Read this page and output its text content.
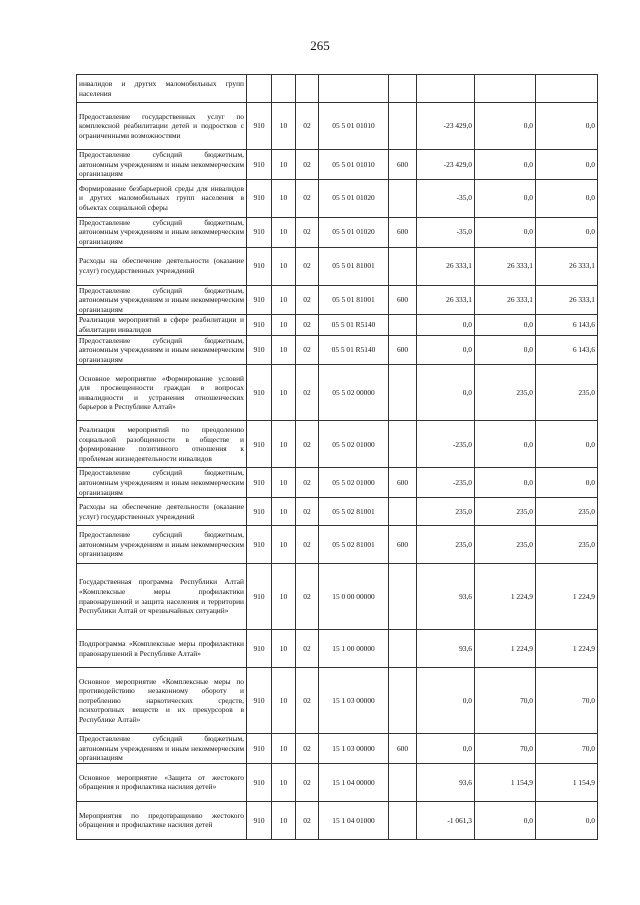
265
инвалидов и других маломобильных групп населения								
Предоставление государственных услуг по комплексной реабилитации детей и подростков с ограниченными возможностями	910	10	02	05 5 01 01010		-23 429,0	0,0	0,0
Предоставление субсидий бюджетным, автономным учреждениям и иным некоммерческим организациям	910	10	02	05 5 01 01010	600	-23 429,0	0,0	0,0
Формирование безбарьерной среды для инвалидов и других маломобильных групп населения в объектах социальной сферы	910	10	02	05 5 01 01020		-35,0	0,0	0,0
Предоставление субсидий бюджетным, автономным учреждениям и иным некоммерческим организациям	910	10	02	05 5 01 01020	600	-35,0	0,0	0,0
Расходы на обеспечение деятельности (оказание услуг) государственных учреждений	910	10	02	05 5 01 81001		26 333,1	26 333,1	26 333,1
Предоставление субсидий бюджетным, автономным учреждениям и иным некоммерческим организациям	910	10	02	05 5 01 81001	600	26 333,1	26 333,1	26 333,1
Реализация мероприятий в сфере реабилитации и абилитации инвалидов	910	10	02	05 5 01 R5140		0,0	0,0	6 143,6
Предоставление субсидий бюджетным, автономным учреждениям и иным некоммерческим организациям	910	10	02	05 5 01 R5140	600	0,0	0,0	6 143,6
Основное мероприятие «Формирование условий для просвещенности граждан в вопросах инвалидности и устранения отношенческих барьеров в Республике Алтай»	910	10	02	05 5 02 00000		0,0	235,0	235,0
Реализация мероприятий по преодолению социальной разобщенности в обществе и формирование позитивного отношения к проблемам жизнедеятельности инвалидов	910	10	02	05 5 02 01000		-235,0	0,0	0,0
Предоставление субсидий бюджетным, автономным учреждениям и иным некоммерческим организациям	910	10	02	05 5 02 01000	600	-235,0	0,0	0,0
Расходы на обеспечение деятельности (оказание услуг) государственных учреждений	910	10	02	05 5 02 81001		235,0	235,0	235,0
Предоставление субсидий бюджетным, автономным учреждениям и иным некоммерческим организациям	910	10	02	05 5 02 81001	600	235,0	235,0	235,0
Государственная программа Республики Алтай «Комплексные меры профилактики правонарушений и защита населения и территории Республики Алтай от чрезвычайных ситуаций»	910	10	02	15 0 00 00000		93,6	1 224,9	1 224,9
Подпрограмма «Комплексные меры профилактики правонарушений в Республике Алтай»	910	10	02	15 1 00 00000		93,6	1 224,9	1 224,9
Основное мероприятие «Комплексные меры по противодействию незаконному обороту и потреблению наркотических средств, психотропных веществ и их прекурсоров в Республике Алтай»	910	10	02	15 1 03 00000		0,0	70,0	70,0
Предоставление субсидий бюджетным, автономным учреждениям и иным некоммерческим организациям	910	10	02	15 1 03 00000	600	0,0	70,0	70,0
Основное мероприятие «Защита от жестокого обращения и профилактика насилия детей»	910	10	02	15 1 04 00000		93,6	1 154,9	1 154,9
Мероприятия по предотвращению жестокого обращения и профилактике насилия детей	910	10	02	15 1 04 01000		-1 061,3	0,0	0,0
